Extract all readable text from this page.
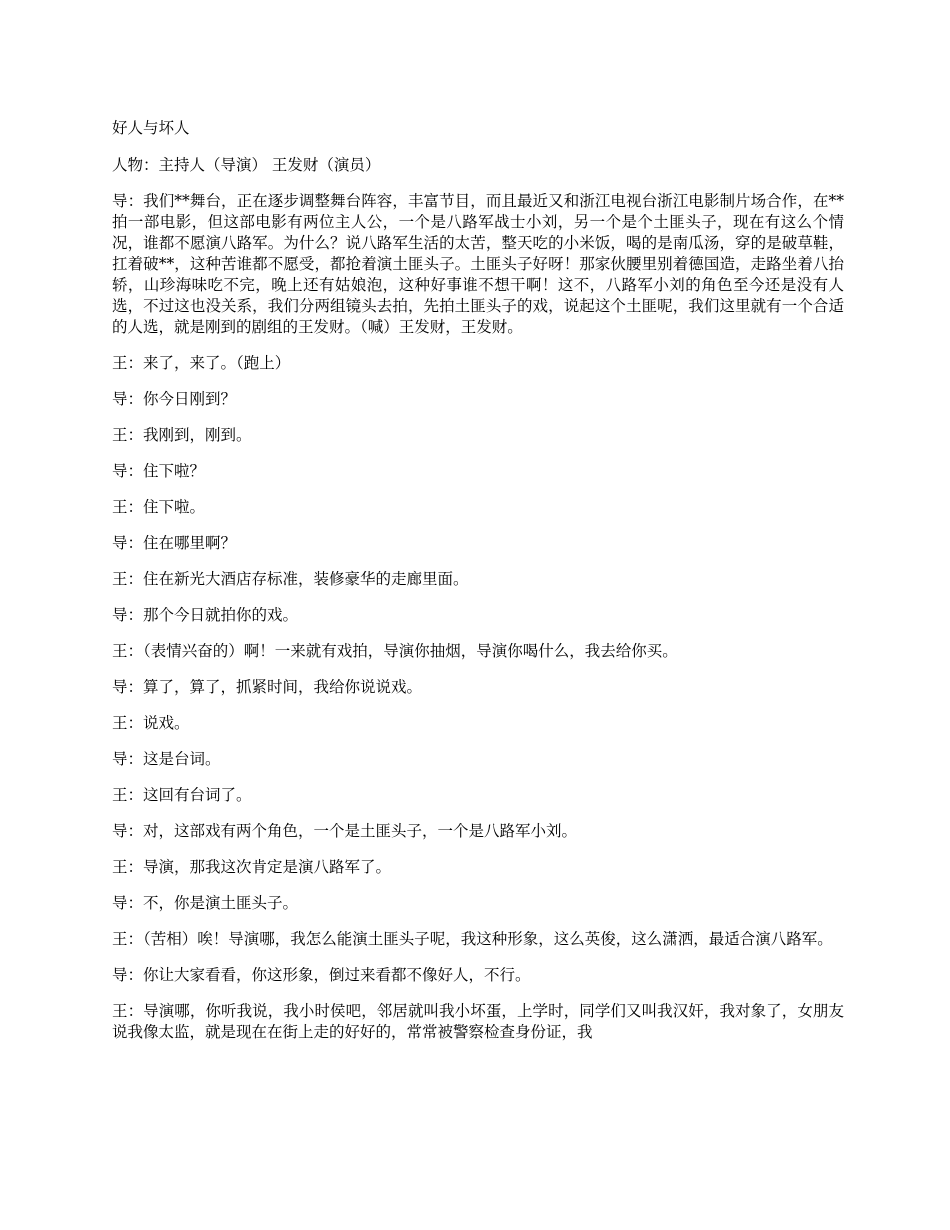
好人与坏人

人物：主持人（导演） 王发财（演员）

导：我们**舞台，正在逐步调整舞台阵容，丰富节目，而且最近又和浙江电视台浙江电影制片场合作，在**拍一部电影，但这部电影有两位主人公，一个是八路军战士小刘，另一个是个土匪头子，现在有这么个情况，谁都不愿演八路军。为什么？说八路军生活的太苦，整天吃的小米饭，喝的是南瓜汤，穿的是破草鞋，扛着破**，这种苦谁都不愿受，都抢着演土匪头子。土匪头子好呀！那家伙腰里别着德国造，走路坐着八抬轿，山珍海味吃不完，晚上还有姑娘泡，这种好事谁不想干啊！这不，八路军小刘的角色至今还是没有人选，不过这也没关系，我们分两组镜头去拍，先拍土匪头子的戏，说起这个土匪呢，我们这里就有一个合适的人选，就是刚到的剧组的王发财。（喊）王发财，王发财。

王：来了，来了。（跑上）

导：你今日刚到？

王：我刚到，刚到。

导：住下啦？

王：住下啦。

导：住在哪里啊？

王：住在新光大酒店存标准，装修豪华的走廊里面。

导：那个今日就拍你的戏。

王：（表情兴奋的）啊！一来就有戏拍，导演你抽烟，导演你喝什么，我去给你买。

导：算了，算了，抓紧时间，我给你说说戏。

王：说戏。

导：这是台词。

王：这回有台词了。

导：对，这部戏有两个角色，一个是土匪头子，一个是八路军小刘。

王：导演，那我这次肯定是演八路军了。

导：不，你是演土匪头子。

王：（苦相）唉！导演哪，我怎么能演土匪头子呢，我这种形象，这么英俊，这么潇洒，最适合演八路军。

导：你让大家看看，你这形象，倒过来看都不像好人，不行。

王：导演哪，你听我说，我小时侯吧，邻居就叫我小坏蛋，上学时，同学们又叫我汉奸，我对象了，女朋友说我像太监，就是现在在街上走的好好的，常常被警察检查身份证，我
